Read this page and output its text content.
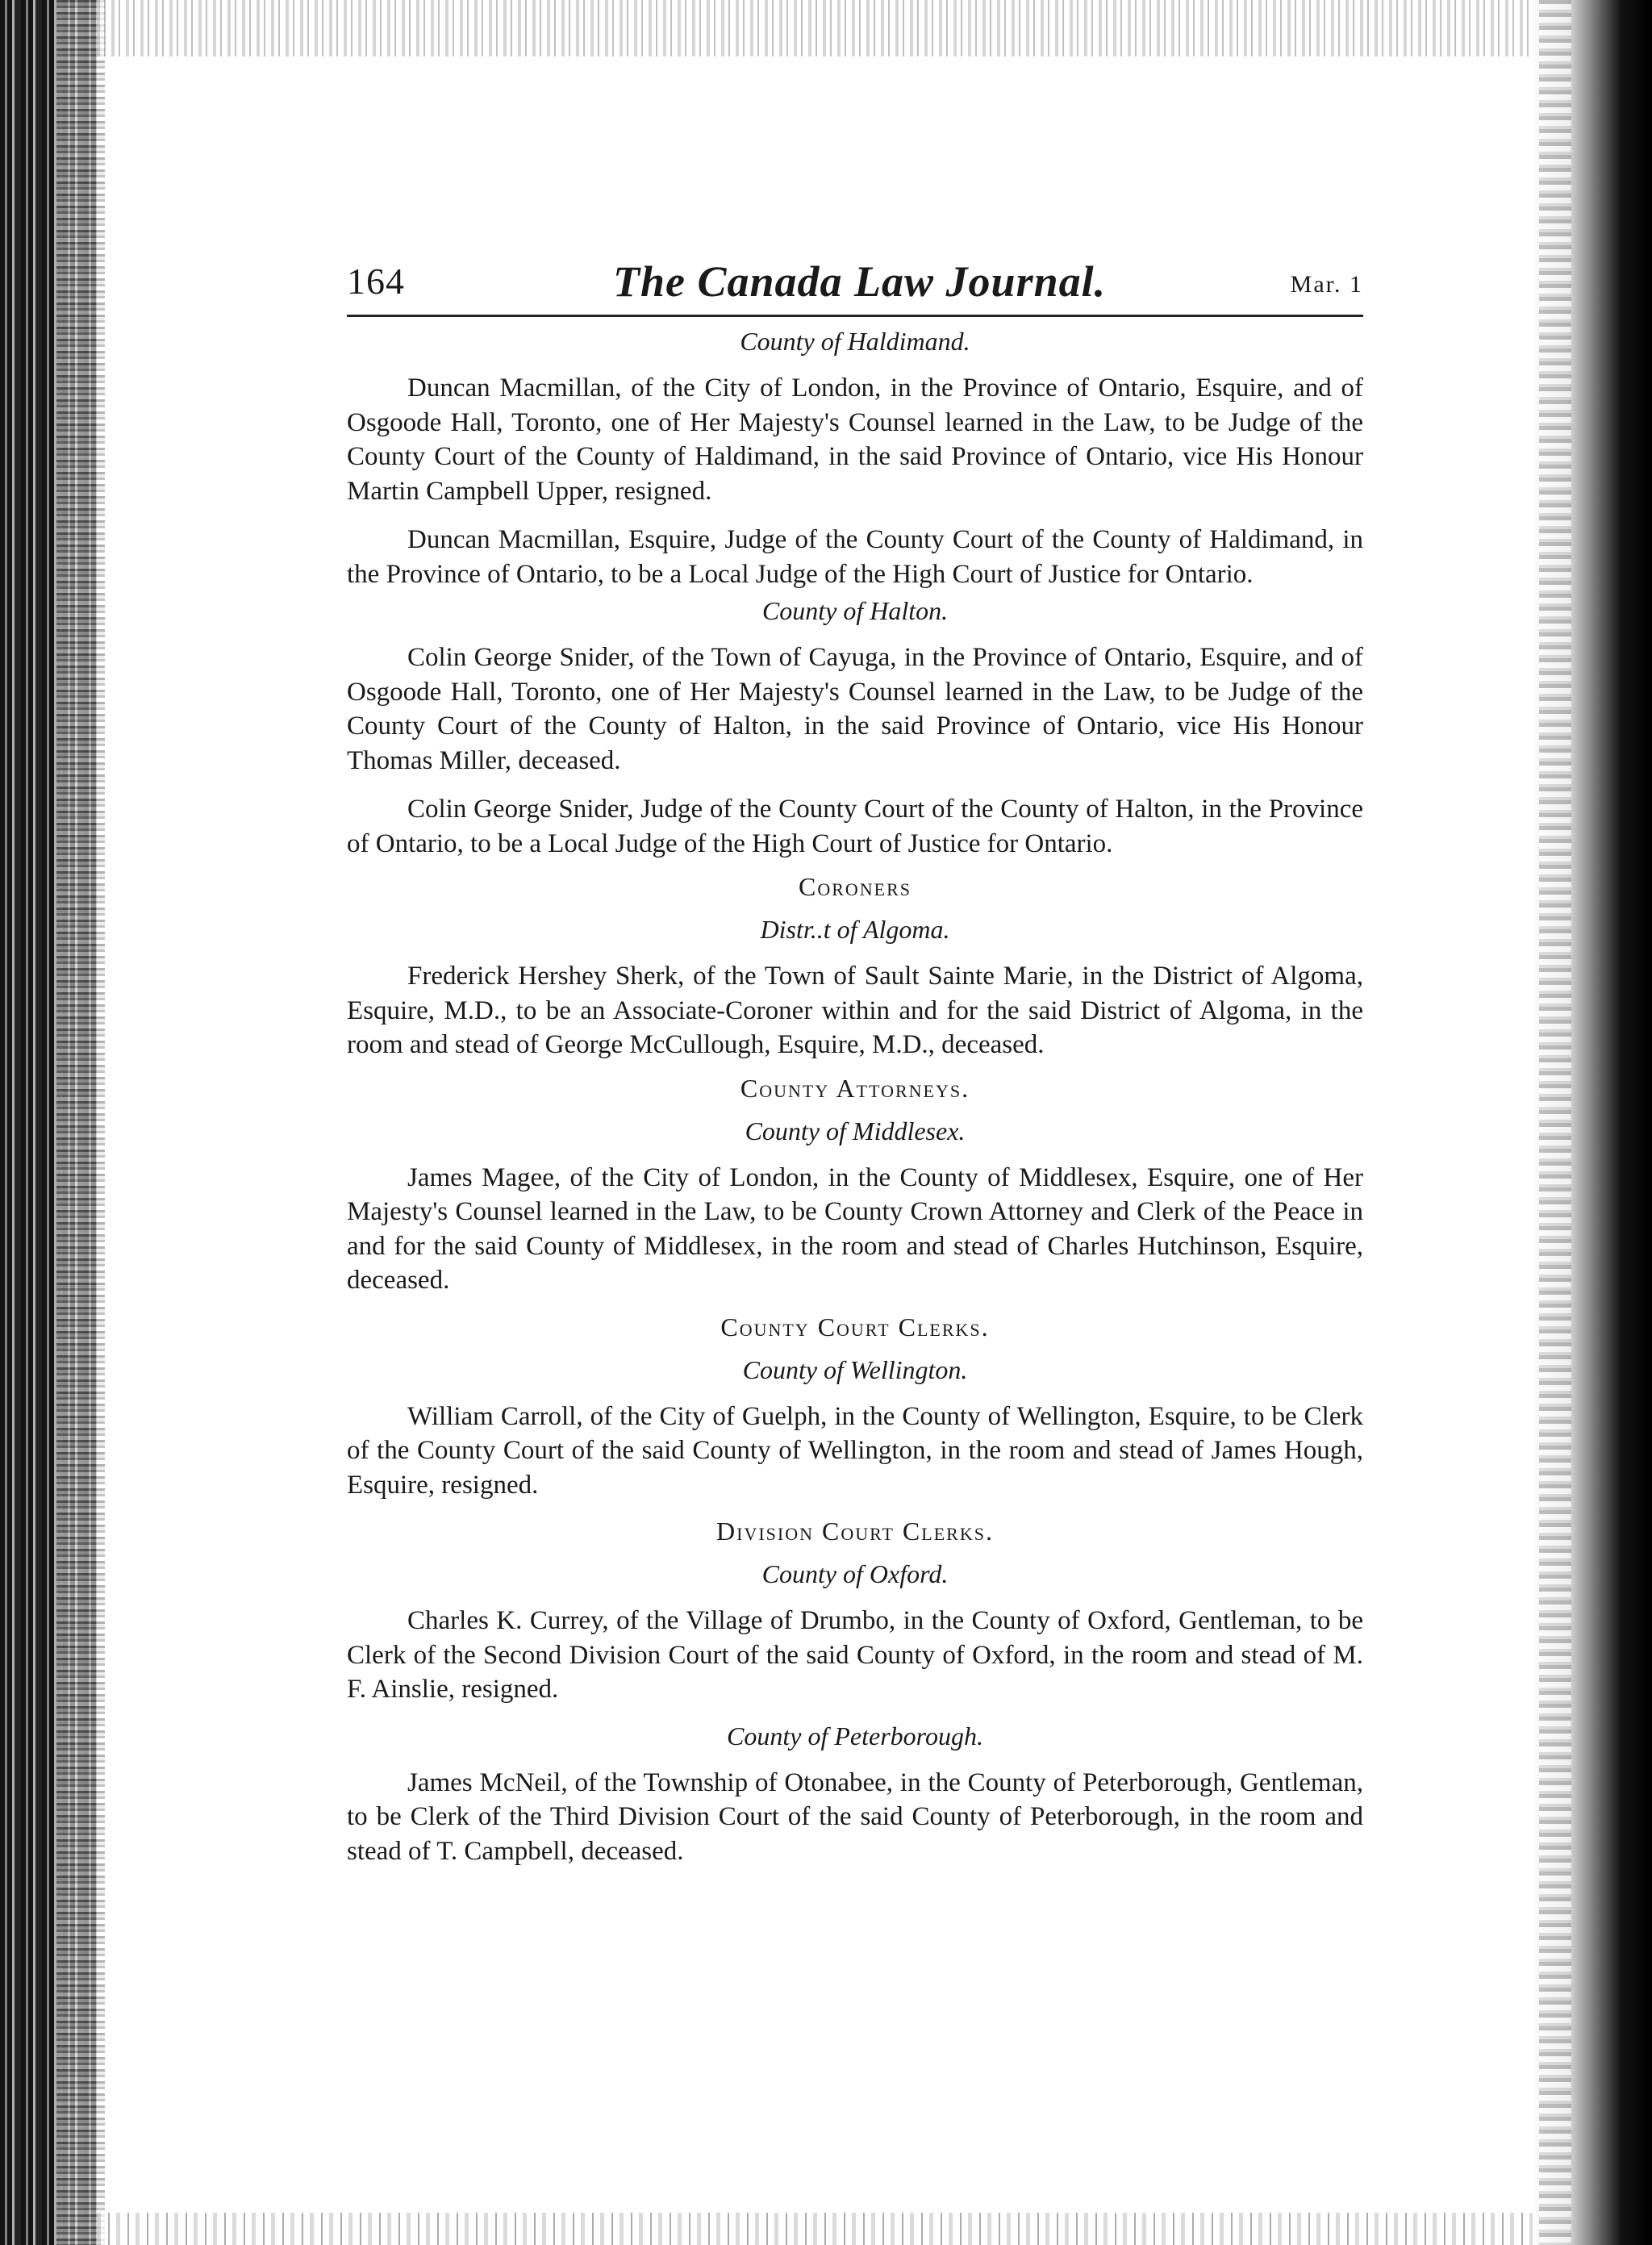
164	The Canada Law Journal.	Mar. 1
County of Haldimand.

Duncan Macmillan, of the City of London, in the Province of Ontario, Esquire, and of Osgoode Hall, Toronto, one of Her Majesty's Counsel learned in the Law, to be Judge of the County Court of the County of Haldimand, in the said Province of Ontario, vice His Honour Martin Campbell Upper, resigned.

Duncan Macmillan, Esquire, Judge of the County Court of the County of Haldimand, in the Province of Ontario, to be a Local Judge of the High Court of Justice for Ontario.

County of Halton.

Colin George Snider, of the Town of Cayuga, in the Province of Ontario, Esquire, and of Osgoode Hall, Toronto, one of Her Majesty's Counsel learned in the Law, to be Judge of the County Court of the County of Halton, in the said Province of Ontario, vice His Honour Thomas Miller, deceased.

Colin George Snider, Judge of the County Court of the County of Halton, in the Province of Ontario, to be a Local Judge of the High Court of Justice for Ontario.

Coroners
Distr..t of Algoma.

Frederick Hershey Sherk, of the Town of Sault Sainte Marie, in the District of Algoma, Esquire, M.D., to be an Associate-Coroner within and for the said District of Algoma, in the room and stead of George McCullough, Esquire, M.D., deceased.

County Attorneys.
County of Middlesex.

James Magee, of the City of London, in the County of Middlesex, Esquire, one of Her Majesty's Counsel learned in the Law, to be County Crown Attorney and Clerk of the Peace in and for the said County of Middlesex, in the room and stead of Charles Hutchinson, Esquire, deceased.

County Court Clerks.
County of Wellington.

William Carroll, of the City of Guelph, in the County of Wellington, Esquire, to be Clerk of the County Court of the said County of Wellington, in the room and stead of James Hough, Esquire, resigned.

Division Court Clerks.
County of Oxford.

Charles K. Currey, of the Village of Drumbo, in the County of Oxford, Gentleman, to be Clerk of the Second Division Court of the said County of Oxford, in the room and stead of M. F. Ainslie, resigned.

County of Peterborough.

James McNeil, of the Township of Otonabee, in the County of Peterborough, Gentleman, to be Clerk of the Third Division Court of the said County of Peterborough, in the room and stead of T. Campbell, deceased.
